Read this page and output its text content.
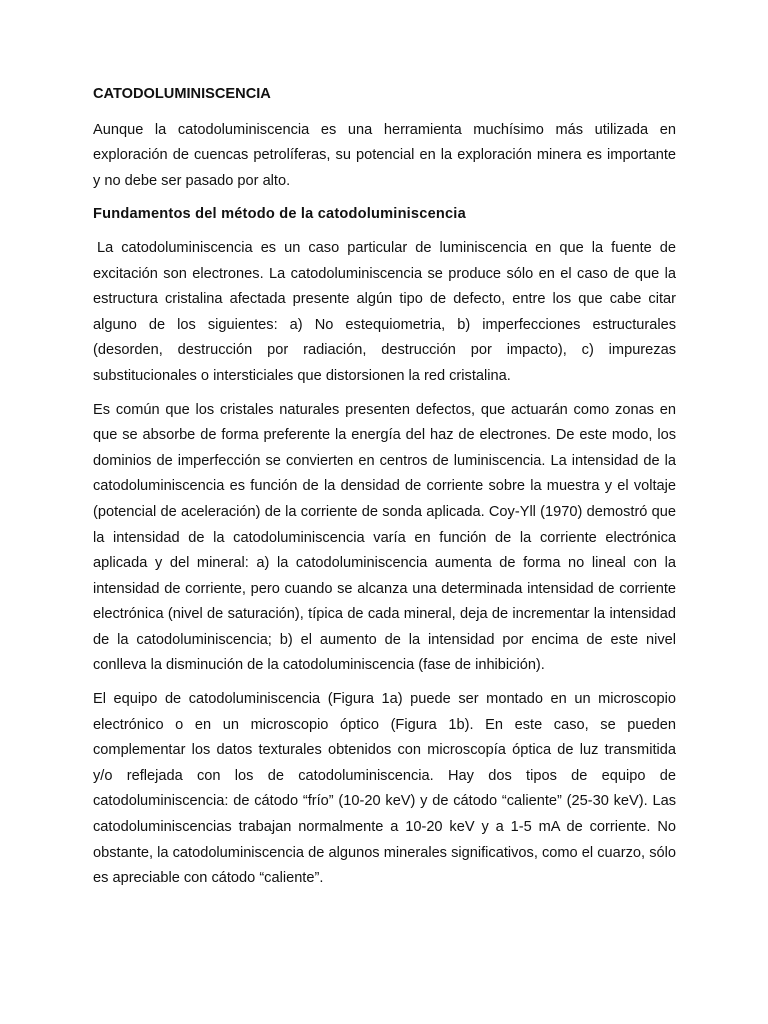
CATODOLUMINISCENCIA

Aunque la catodoluminiscencia es una herramienta muchísimo más utilizada en exploración de cuencas petrolíferas, su potencial en la exploración minera es importante y no debe ser pasado por alto.

Fundamentos del método de la catodoluminiscencia

La catodoluminiscencia es un caso particular de luminiscencia en que la fuente de excitación son electrones. La catodoluminiscencia se produce sólo en el caso de que la estructura cristalina afectada presente algún tipo de defecto, entre los que cabe citar alguno de los siguientes: a) No estequiometria, b) imperfecciones estructurales (desorden, destrucción por radiación, destrucción por impacto), c) impurezas substitucionales o intersticiales que distorsionen la red cristalina.

Es común que los cristales naturales presenten defectos, que actuarán como zonas en que se absorbe de forma preferente la energía del haz de electrones. De este modo, los dominios de imperfección se convierten en centros de luminiscencia. La intensidad de la catodoluminiscencia es función de la densidad de corriente sobre la muestra y el voltaje (potencial de aceleración) de la corriente de sonda aplicada. Coy-Yll (1970) demostró que la intensidad de la catodoluminiscencia varía en función de la corriente electrónica aplicada y del mineral: a) la catodoluminiscencia aumenta de forma no lineal con la intensidad de corriente, pero cuando se alcanza una determinada intensidad de corriente electrónica (nivel de saturación), típica de cada mineral, deja de incrementar la intensidad de la catodoluminiscencia; b) el aumento de la intensidad por encima de este nivel conlleva la disminución de la catodoluminiscencia (fase de inhibición).

El equipo de catodoluminiscencia (Figura 1a) puede ser montado en un microscopio electrónico o en un microscopio óptico (Figura 1b). En este caso, se pueden complementar los datos texturales obtenidos con microscopía óptica de luz transmitida y/o reflejada con los de catodoluminiscencia. Hay dos tipos de equipo de catodoluminiscencia: de cátodo “frío” (10-20 keV) y de cátodo “caliente” (25-30 keV). Las catodoluminiscencias trabajan normalmente a 10-20 keV y a 1-5 mA de corriente. No obstante, la catodoluminiscencia de algunos minerales significativos, como el cuarzo, sólo es apreciable con cátodo “caliente”.
